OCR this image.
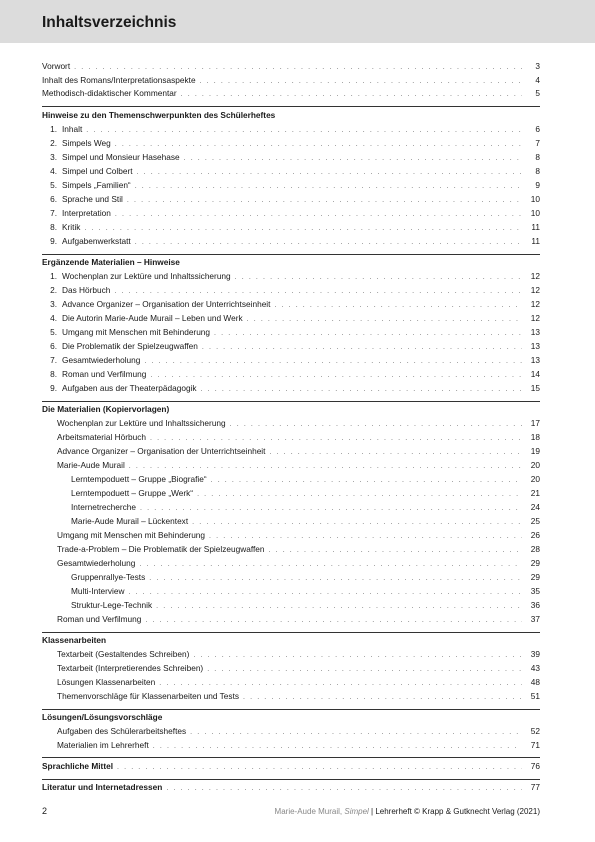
Inhaltsverzeichnis
Vorwort . . .	3
Inhalt des Romans/Interpretationsaspekte . . .	4
Methodisch-didaktischer Kommentar . . .	5
Hinweise zu den Themenschwerpunkten des Schülerheftes
1. Inhalt . . .	6
2. Simpels Weg . . .	7
3. Simpel und Monsieur Hasehase . . .	8
4. Simpel und Colbert . . .	8
5. Simpels „Familien“ . . .	9
6. Sprache und Stil . . .	10
7. Interpretation . . .	10
8. Kritik . . .	11
9. Aufgabenwerkstatt . . .	11
Ergänzende Materialien – Hinweise
1. Wochenplan zur Lektüre und Inhaltssicherung . . .	12
2. Das Hörbuch . . .	12
3. Advance Organizer – Organisation der Unterrichtseinheit . . .	12
4. Die Autorin Marie-Aude Murail – Leben und Werk . . .	12
5. Umgang mit Menschen mit Behinderung . . .	13
6. Die Problematik der Spielzeugwaffen . . .	13
7. Gesamtwiederholung . . .	13
8. Roman und Verfilmung . . .	14
9. Aufgaben aus der Theaterpädagogik . . .	15
Die Materialien (Kopiervorlagen)
Wochenplan zur Lektüre und Inhaltssicherung . . .	17
Arbeitsmaterial Hörbuch . . .	18
Advance Organizer – Organisation der Unterrichtseinheit . . .	19
Marie-Aude Murail . . .	20
Lerntempoduett – Gruppe „Biografie“ . . .	20
Lerntempoduett – Gruppe „Werk“ . . .	21
Internetrecherche . . .	24
Marie-Aude Murail – Lückentext . . .	25
Umgang mit Menschen mit Behinderung . . .	26
Trade-a-Problem – Die Problematik der Spielzeugwaffen . . .	28
Gesamtwiederholung . . .	29
Gruppenrallye-Tests . . .	29
Multi-Interview . . .	35
Struktur-Lege-Technik . . .	36
Roman und Verfilmung . . .	37
Klassenarbeiten
Textarbeit (Gestaltendes Schreiben) . . .	39
Textarbeit (Interpretierendes Schreiben) . . .	43
Lösungen Klassenarbeiten . . .	48
Themenvorschläge für Klassenarbeiten und Tests . . .	51
Lösungen/Lösungsvorschläge
Aufgaben des Schülerarbeitsheftes . . .	52
Materialien im Lehrerheft . . .	71
Sprachliche Mittel . . .	76
Literatur und Internetadressen . . .	77
2	Marie-Aude Murail, Simpel | Lehrerheft © Krapp & Gutknecht Verlag (2021)
